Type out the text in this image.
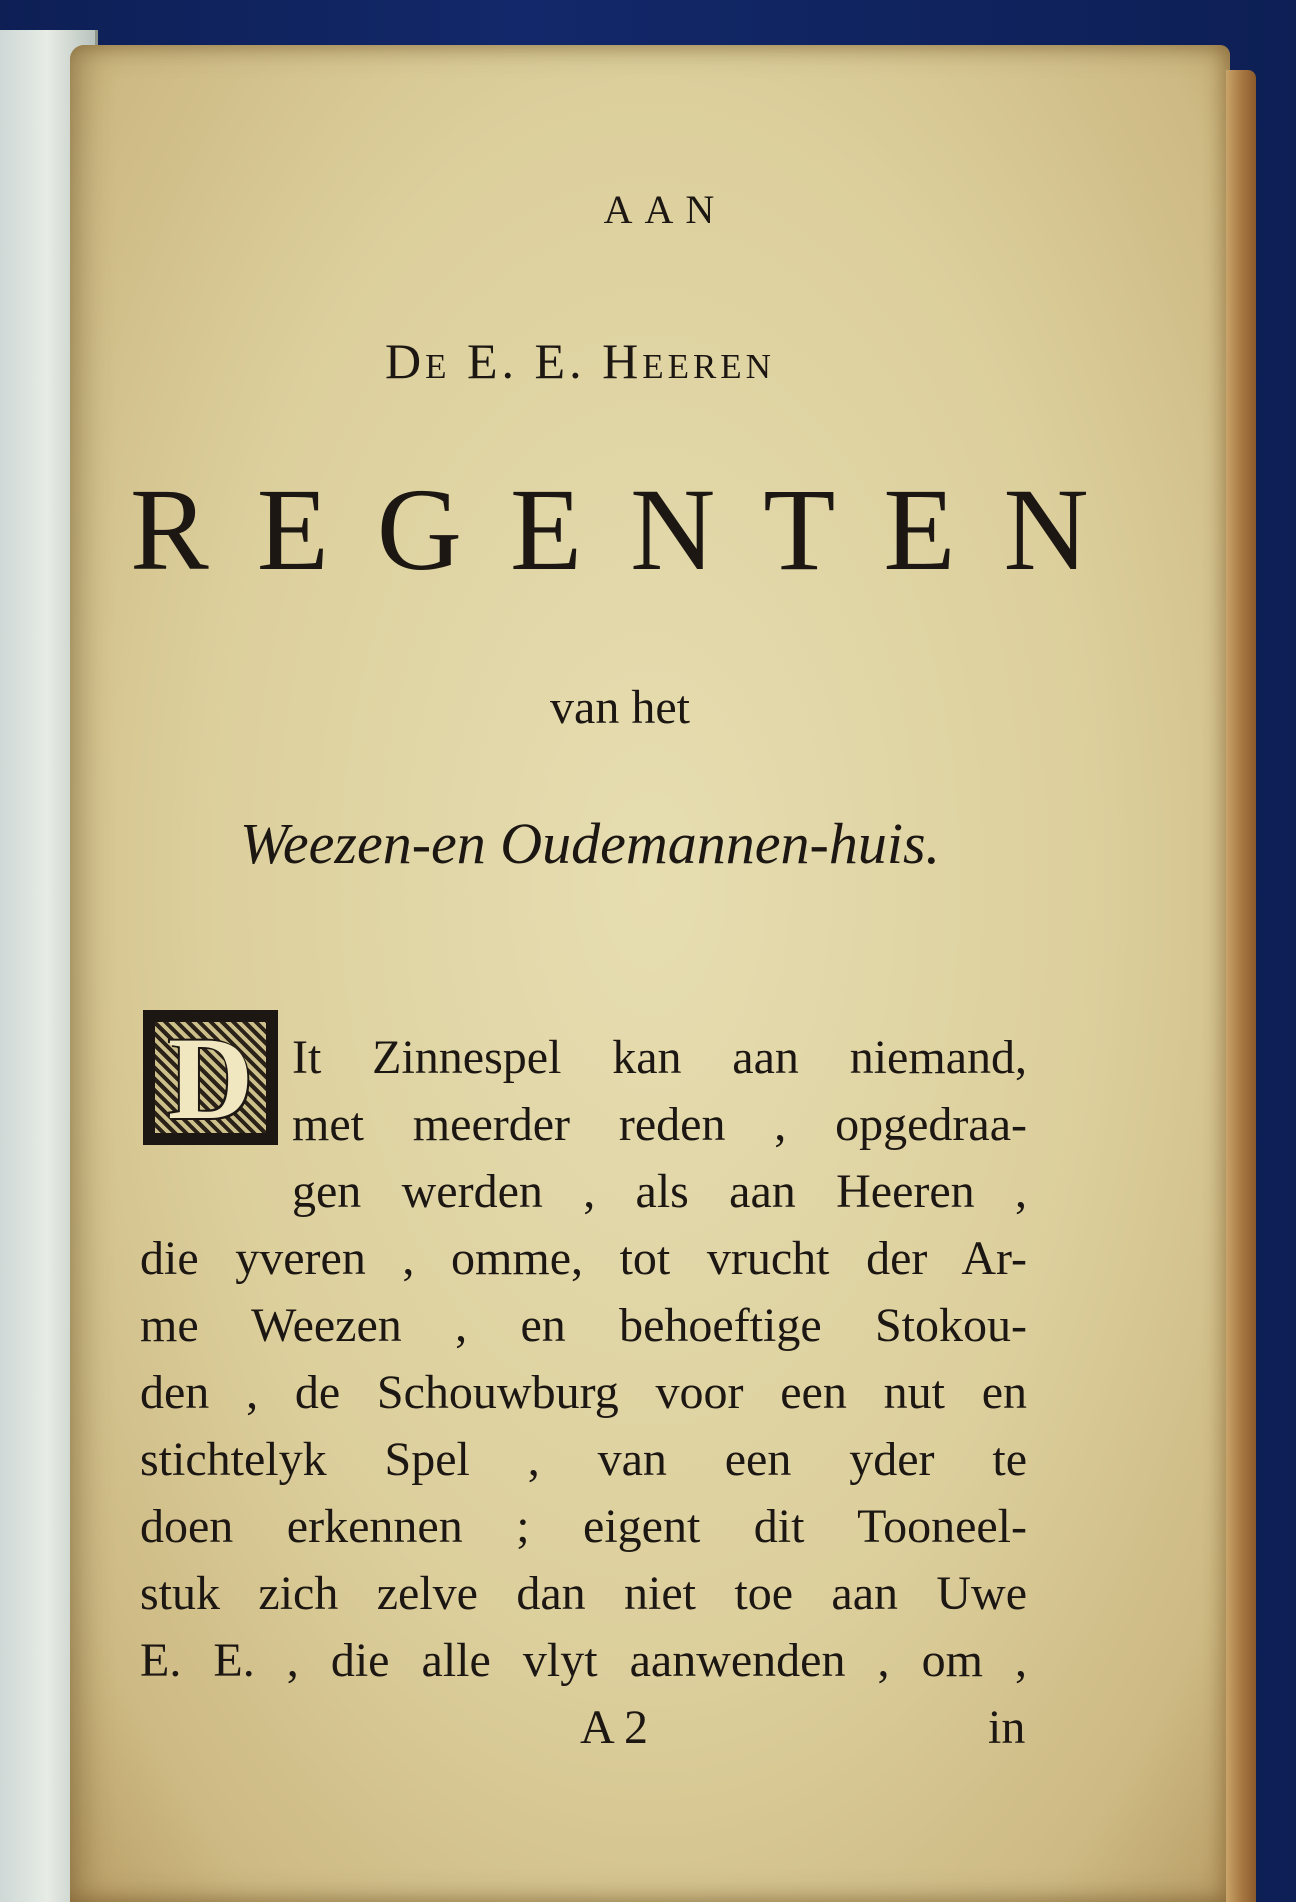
AAN
De E. E. Heeren
REGENTEN
van het
Weezen-en Oudemannen-huis.
D It Zinnespel kan aan niemand,
met meerder reden , opgedraa-
gen werden , als aan Heeren ,
die yveren , omme, tot vrucht der Ar-
me Weezen , en behoeftige Stokou-
den , de Schouwburg voor een nut en
stichtelyk Spel , van een yder te
doen erkennen ; eigent dit Tooneel-
stuk zich zelve dan niet toe aan Uwe
E. E. , die alle vlyt aanwenden , om ,
A 2	in
